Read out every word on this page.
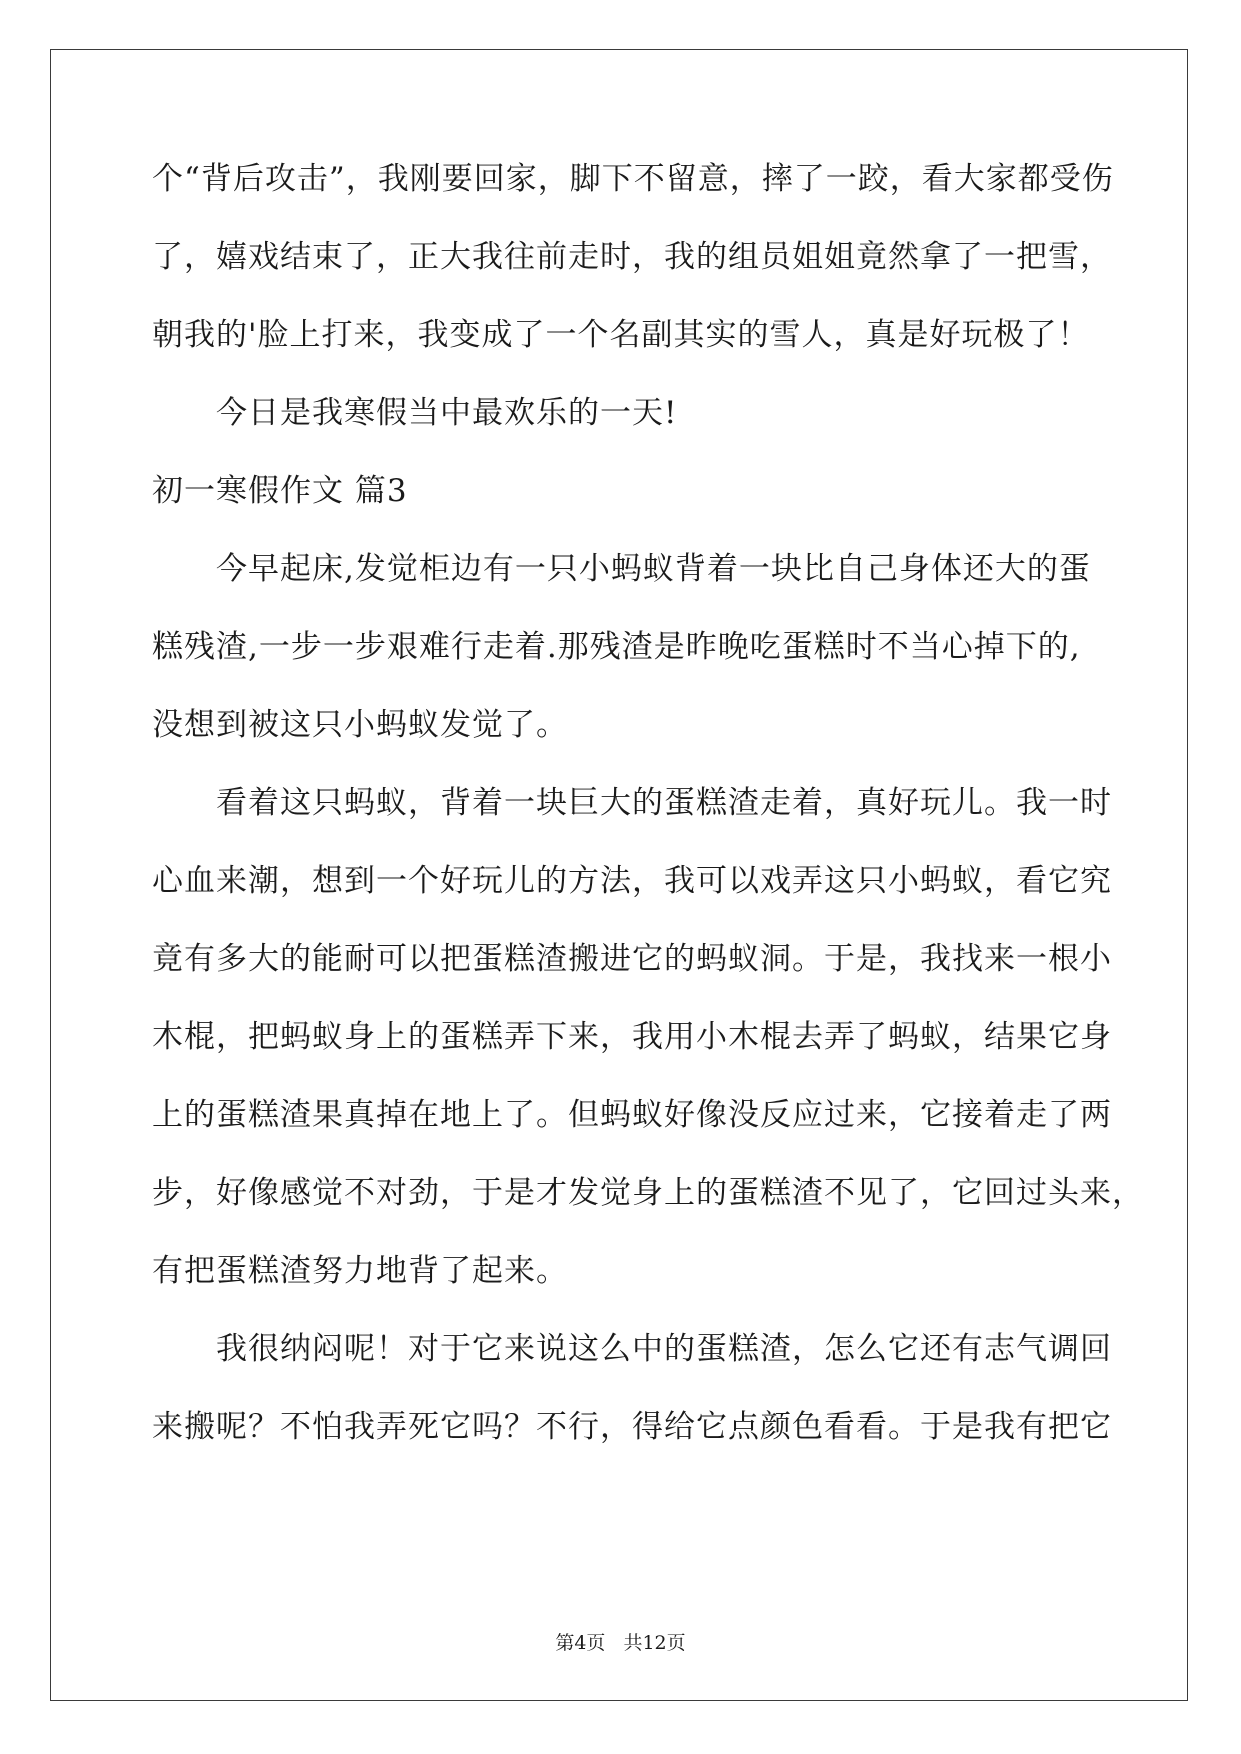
个“背后攻击”，我刚要回家，脚下不留意，摔了一跤，看大家都受伤
了，嬉戏结束了，正大我往前走时，我的组员姐姐竟然拿了一把雪，
朝我的'脸上打来，我变成了一个名副其实的雪人，真是好玩极了！
　　今日是我寒假当中最欢乐的一天!
初一寒假作文 篇3
　　今早起床,发觉柜边有一只小蚂蚁背着一块比自己身体还大的蛋
糕残渣,一步一步艰难行走着.那残渣是昨晚吃蛋糕时不当心掉下的,
没想到被这只小蚂蚁发觉了。
　　看着这只蚂蚁，背着一块巨大的蛋糕渣走着，真好玩儿。我一时
心血来潮，想到一个好玩儿的方法，我可以戏弄这只小蚂蚁，看它究
竟有多大的能耐可以把蛋糕渣搬进它的蚂蚁洞。于是，我找来一根小
木棍，把蚂蚁身上的蛋糕弄下来，我用小木棍去弄了蚂蚁，结果它身
上的蛋糕渣果真掉在地上了。但蚂蚁好像没反应过来，它接着走了两
步，好像感觉不对劲，于是才发觉身上的蛋糕渣不见了，它回过头来，
有把蛋糕渣努力地背了起来。
　　我很纳闷呢！对于它来说这么中的蛋糕渣，怎么它还有志气调回
来搬呢？不怕我弄死它吗？不行，得给它点颜色看看。于是我有把它
第4页 共12页
